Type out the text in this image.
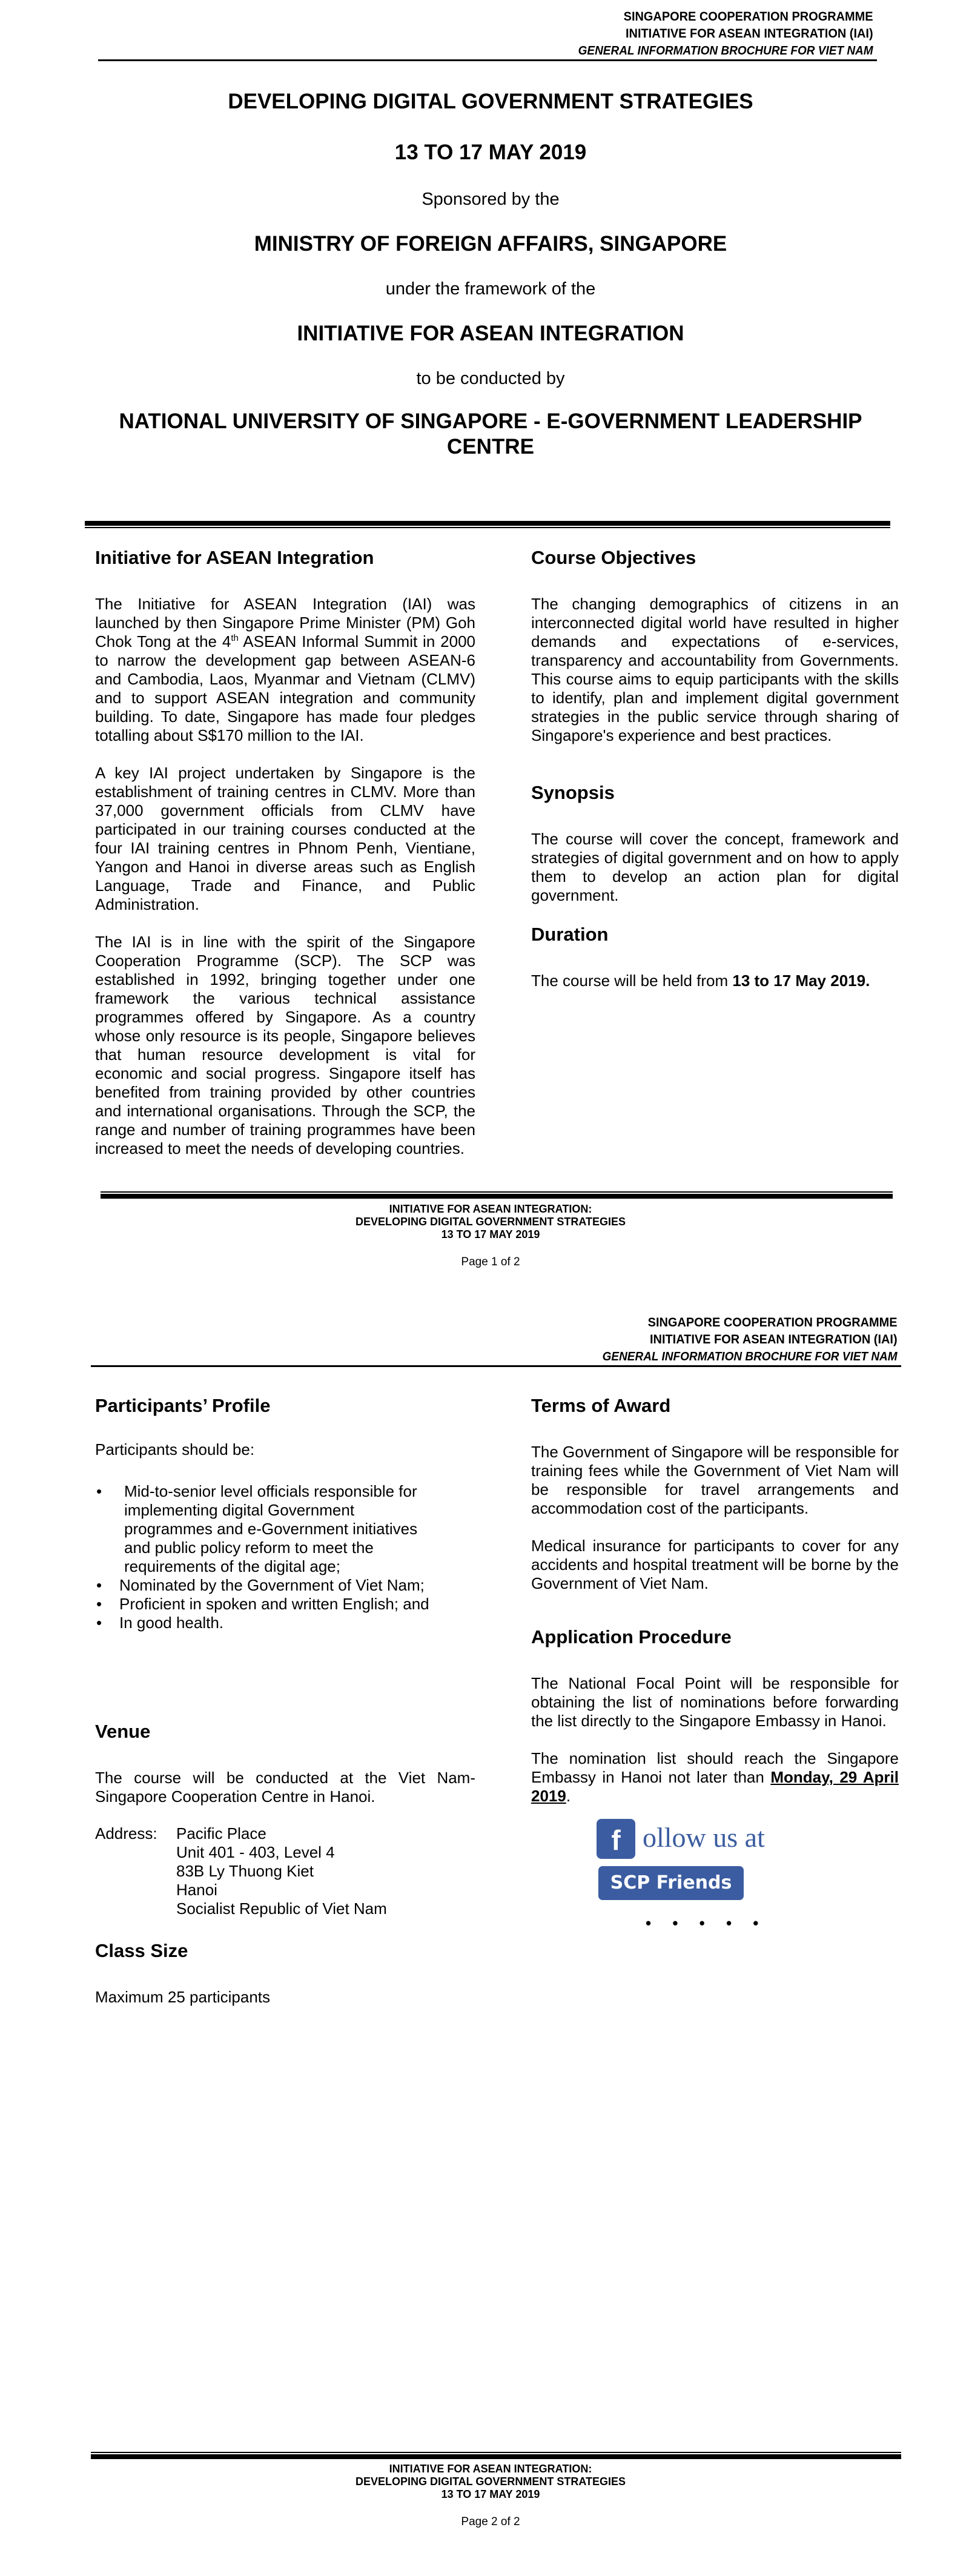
SINGAPORE COOPERATION PROGRAMME
INITIATIVE FOR ASEAN INTEGRATION (IAI)
GENERAL INFORMATION BROCHURE FOR VIET NAM

DEVELOPING DIGITAL GOVERNMENT STRATEGIES

13 TO 17 MAY 2019

Sponsored by the

MINISTRY OF FOREIGN AFFAIRS, SINGAPORE

under the framework of the

INITIATIVE FOR ASEAN INTEGRATION

to be conducted by

NATIONAL UNIVERSITY OF SINGAPORE - E-GOVERNMENT LEADERSHIP CENTRE

Initiative for ASEAN Integration

The Initiative for ASEAN Integration (IAI) was launched by then Singapore Prime Minister (PM) Goh Chok Tong at the 4th ASEAN Informal Summit in 2000 to narrow the development gap between ASEAN-6 and Cambodia, Laos, Myanmar and Vietnam (CLMV) and to support ASEAN integration and community building. To date, Singapore has made four pledges totalling about S$170 million to the IAI.

A key IAI project undertaken by Singapore is the establishment of training centres in CLMV. More than 37,000 government officials from CLMV have participated in our training courses conducted at the four IAI training centres in Phnom Penh, Vientiane, Yangon and Hanoi in diverse areas such as English Language, Trade and Finance, and Public Administration.

The IAI is in line with the spirit of the Singapore Cooperation Programme (SCP). The SCP was established in 1992, bringing together under one framework the various technical assistance programmes offered by Singapore. As a country whose only resource is its people, Singapore believes that human resource development is vital for economic and social progress. Singapore itself has benefited from training provided by other countries and international organisations. Through the SCP, the range and number of training programmes have been increased to meet the needs of developing countries.

Course Objectives

The changing demographics of citizens in an interconnected digital world have resulted in higher demands and expectations of e-services, transparency and accountability from Governments. This course aims to equip participants with the skills to identify, plan and implement digital government strategies in the public service through sharing of Singapore's experience and best practices.

Synopsis

The course will cover the concept, framework and strategies of digital government and on how to apply them to develop an action plan for digital government.

Duration

The course will be held from 13 to 17 May 2019.

INITIATIVE FOR ASEAN INTEGRATION:
DEVELOPING DIGITAL GOVERNMENT STRATEGIES
13 TO 17 MAY 2019
Page 1 of 2
SINGAPORE COOPERATION PROGRAMME
INITIATIVE FOR ASEAN INTEGRATION (IAI)
GENERAL INFORMATION BROCHURE FOR VIET NAM
Participants’ Profile

Participants should be:

• Mid-to-senior level officials responsible for implementing digital Government programmes and e-Government initiatives and public policy reform to meet the requirements of the digital age;
• Nominated by the Government of Viet Nam;
• Proficient in spoken and written English; and
• In good health.
Venue

The course will be conducted at the Viet Nam-Singapore Cooperation Centre in Hanoi.

Address:	Pacific Place
Unit 401 - 403, Level 4
83B Ly Thuong Kiet
Hanoi
Socialist Republic of Viet Nam
Class Size

Maximum 25 participants

Terms of Award

The Government of Singapore will be responsible for training fees while the Government of Viet Nam will be responsible for travel arrangements and accommodation cost of the participants.

Medical insurance for participants to cover for any accidents and hospital treatment will be borne by the Government of Viet Nam.

Application Procedure

The National Focal Point will be responsible for obtaining the list of nominations before forwarding the list directly to the Singapore Embassy in Hanoi.

The nomination list should reach the Singapore Embassy in Hanoi not later than Monday, 29 April 2019.

f ollow us at
SCP Friends
• • • • •
INITIATIVE FOR ASEAN INTEGRATION:
DEVELOPING DIGITAL GOVERNMENT STRATEGIES
13 TO 17 MAY 2019
Page 2 of 2
